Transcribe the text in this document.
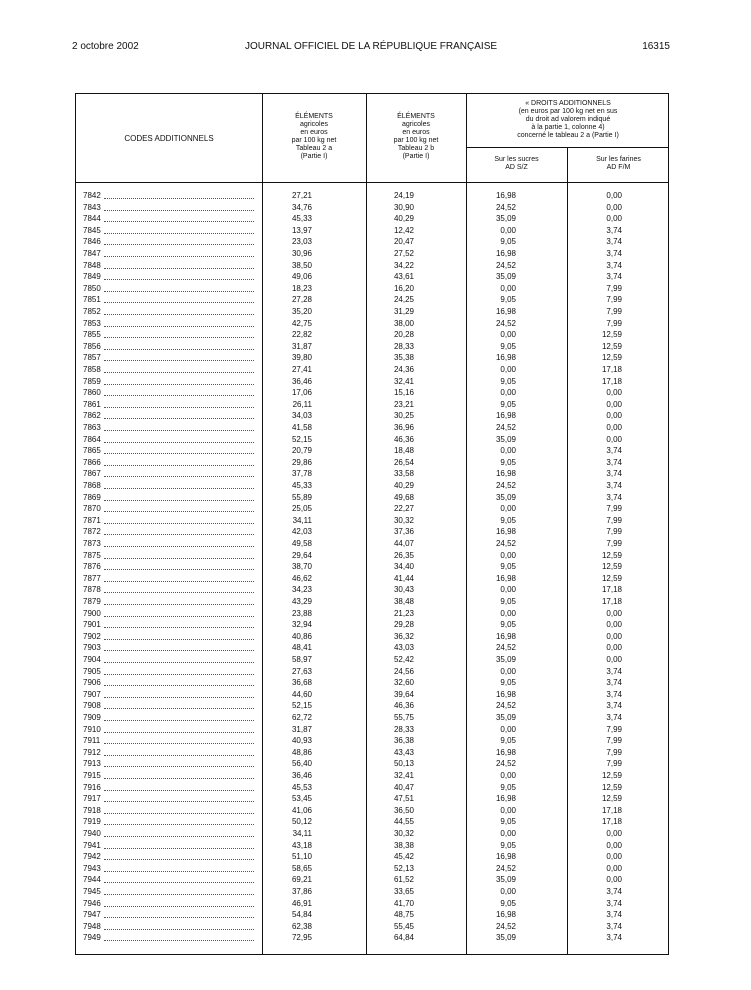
2 octobre 2002	JOURNAL OFFICIEL DE LA RÉPUBLIQUE FRANÇAISE	16315
CODES ADDITIONNELS
ÉLÉMENTS
agricoles
en euros
par 100 kg net
Tableau 2 a
(Partie I)
ÉLÉMENTS
agricoles
en euros
par 100 kg net
Tableau 2 b
(Partie I)
« DROITS ADDITIONNELS
(en euros par 100 kg net en sus
du droit ad valorem indiqué
à la partie 1, colonne 4)
concerné le tableau 2 a (Partie I)
Sur les sucres
AD S/Z
Sur les farines
AD F/M
7842	27,21	24,19	16,98	0,00
7843	34,76	30,90	24,52	0,00
7844	45,33	40,29	35,09	0,00
7845	13,97	12,42	0,00	3,74
7846	23,03	20,47	9,05	3,74
7847	30,96	27,52	16,98	3,74
7848	38,50	34,22	24,52	3,74
7849	49,06	43,61	35,09	3,74
7850	18,23	16,20	0,00	7,99
7851	27,28	24,25	9,05	7,99
7852	35,20	31,29	16,98	7,99
7853	42,75	38,00	24,52	7,99
7855	22,82	20,28	0,00	12,59
7856	31,87	28,33	9,05	12,59
7857	39,80	35,38	16,98	12,59
7858	27,41	24,36	0,00	17,18
7859	36,46	32,41	9,05	17,18
7860	17,06	15,16	0,00	0,00
7861	26,11	23,21	9,05	0,00
7862	34,03	30,25	16,98	0,00
7863	41,58	36,96	24,52	0,00
7864	52,15	46,36	35,09	0,00
7865	20,79	18,48	0,00	3,74
7866	29,86	26,54	9,05	3,74
7867	37,78	33,58	16,98	3,74
7868	45,33	40,29	24,52	3,74
7869	55,89	49,68	35,09	3,74
7870	25,05	22,27	0,00	7,99
7871	34,11	30,32	9,05	7,99
7872	42,03	37,36	16,98	7,99
7873	49,58	44,07	24,52	7,99
7875	29,64	26,35	0,00	12,59
7876	38,70	34,40	9,05	12,59
7877	46,62	41,44	16,98	12,59
7878	34,23	30,43	0,00	17,18
7879	43,29	38,48	9,05	17,18
7900	23,88	21,23	0,00	0,00
7901	32,94	29,28	9,05	0,00
7902	40,86	36,32	16,98	0,00
7903	48,41	43,03	24,52	0,00
7904	58,97	52,42	35,09	0,00
7905	27,63	24,56	0,00	3,74
7906	36,68	32,60	9,05	3,74
7907	44,60	39,64	16,98	3,74
7908	52,15	46,36	24,52	3,74
7909	62,72	55,75	35,09	3,74
7910	31,87	28,33	0,00	7,99
7911	40,93	36,38	9,05	7,99
7912	48,86	43,43	16,98	7,99
7913	56,40	50,13	24,52	7,99
7915	36,46	32,41	0,00	12,59
7916	45,53	40,47	9,05	12,59
7917	53,45	47,51	16,98	12,59
7918	41,06	36,50	0,00	17,18
7919	50,12	44,55	9,05	17,18
7940	34,11	30,32	0,00	0,00
7941	43,18	38,38	9,05	0,00
7942	51,10	45,42	16,98	0,00
7943	58,65	52,13	24,52	0,00
7944	69,21	61,52	35,09	0,00
7945	37,86	33,65	0,00	3,74
7946	46,91	41,70	9,05	3,74
7947	54,84	48,75	16,98	3,74
7948	62,38	55,45	24,52	3,74
7949	72,95	64,84	35,09	3,74
